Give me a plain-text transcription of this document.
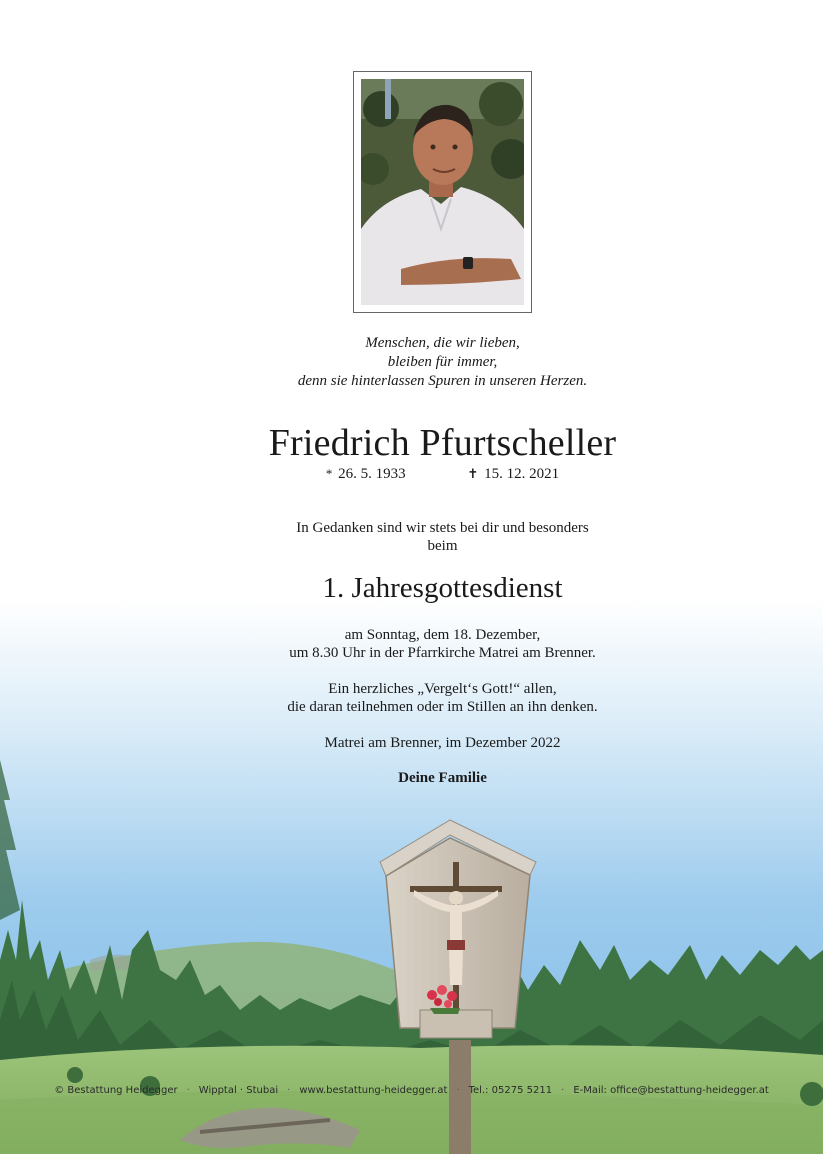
Menschen, die wir lieben,
bleiben für immer,
denn sie hinterlassen Spuren in unseren Herzen.
Friedrich Pfurtscheller
* 26. 5. 1933	✝ 15. 12. 2021
In Gedanken sind wir stets bei dir und besonders
beim
1. Jahresgottesdienst
am Sonntag, dem 18. Dezember,
um 8.30 Uhr in der Pfarrkirche Matrei am Brenner.
Ein herzliches „Vergelt‘s Gott!“ allen,
die daran teilnehmen oder im Stillen an ihn denken.
Matrei am Brenner, im Dezember 2022
Deine Familie
© Bestattung Heidegger · Wipptal · Stubai · www.bestattung-heidegger.at · Tel.: 05275 5211 · E-Mail: office@bestattung-heidegger.at
